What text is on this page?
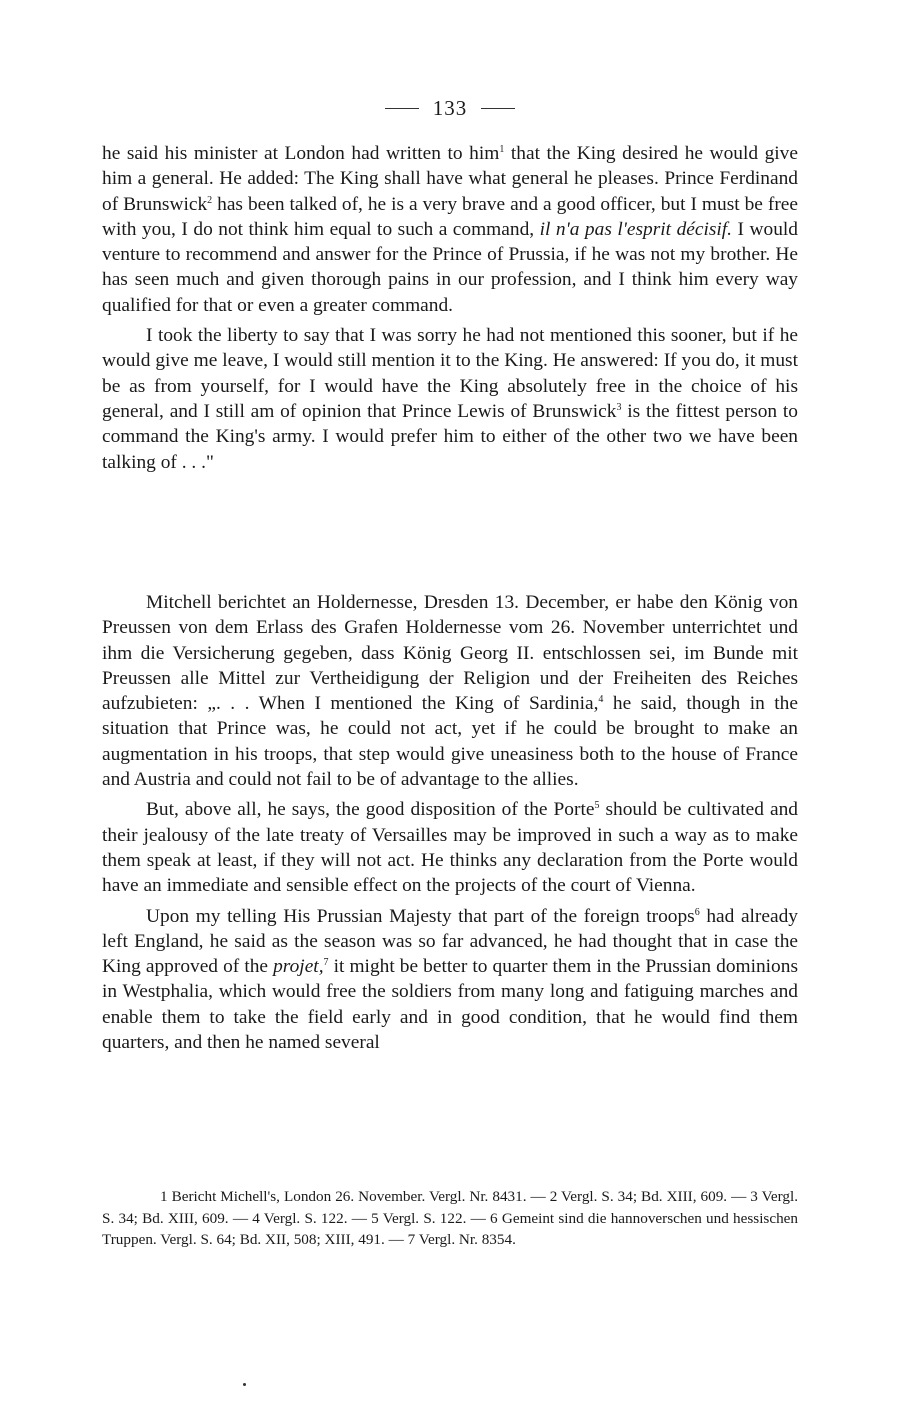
133

he said his minister at London had written to him$^1$ that the King desired he would give him a general. He added: The King shall have what general he pleases. Prince Ferdinand of Brunswick$^2$ has been talked of, he is a very brave and a good officer, but I must be free with you, I do not think him equal to such a command, il n'a pas l'esprit décisif. I would venture to recommend and answer for the Prince of Prussia, if he was not my brother. He has seen much and given thorough pains in our profession, and I think him every way qualified for that or even a greater command.

I took the liberty to say that I was sorry he had not mentioned this sooner, but if he would give me leave, I would still mention it to the King. He answered: If you do, it must be as from yourself, for I would have the King absolutely free in the choice of his general, and I still am of opinion that Prince Lewis of Brunswick$^3$ is the fittest person to command the King's army. I would prefer him to either of the other two we have been talking of . . ."

Mitchell berichtet an Holdernesse, Dresden 13. December, er habe den König von Preussen von dem Erlass des Grafen Holdernesse vom 26. November unterrichtet und ihm die Versicherung gegeben, dass König Georg II. entschlossen sei, im Bunde mit Preussen alle Mittel zur Vertheidigung der Religion und der Freiheiten des Reiches aufzubieten: „. . . When I mentioned the King of Sardinia,$^4$ he said, though in the situation that Prince was, he could not act, yet if he could be brought to make an augmentation in his troops, that step would give uneasiness both to the house of France and Austria and could not fail to be of advantage to the allies.

But, above all, he says, the good disposition of the Porte$^5$ should be cultivated and their jealousy of the late treaty of Versailles may be improved in such a way as to make them speak at least, if they will not act. He thinks any declaration from the Porte would have an immediate and sensible effect on the projects of the court of Vienna.

Upon my telling His Prussian Majesty that part of the foreign troops$^6$ had already left England, he said as the season was so far advanced, he had thought that in case the King approved of the projet,$^7$ it might be better to quarter them in the Prussian dominions in Westphalia, which would free the soldiers from many long and fatiguing marches and enable them to take the field early and in good condition, that he would find them quarters, and then he named several

1 Bericht Michell's, London 26. November. Vergl. Nr. 8431. — 2 Vergl. S. 34; Bd. XIII, 609. — 3 Vergl. S. 34; Bd. XIII, 609. — 4 Vergl. S. 122. — 5 Vergl. S. 122. — 6 Gemeint sind die hannoverschen und hessischen Truppen. Vergl. S. 64; Bd. XII, 508; XIII, 491. — 7 Vergl. Nr. 8354.
